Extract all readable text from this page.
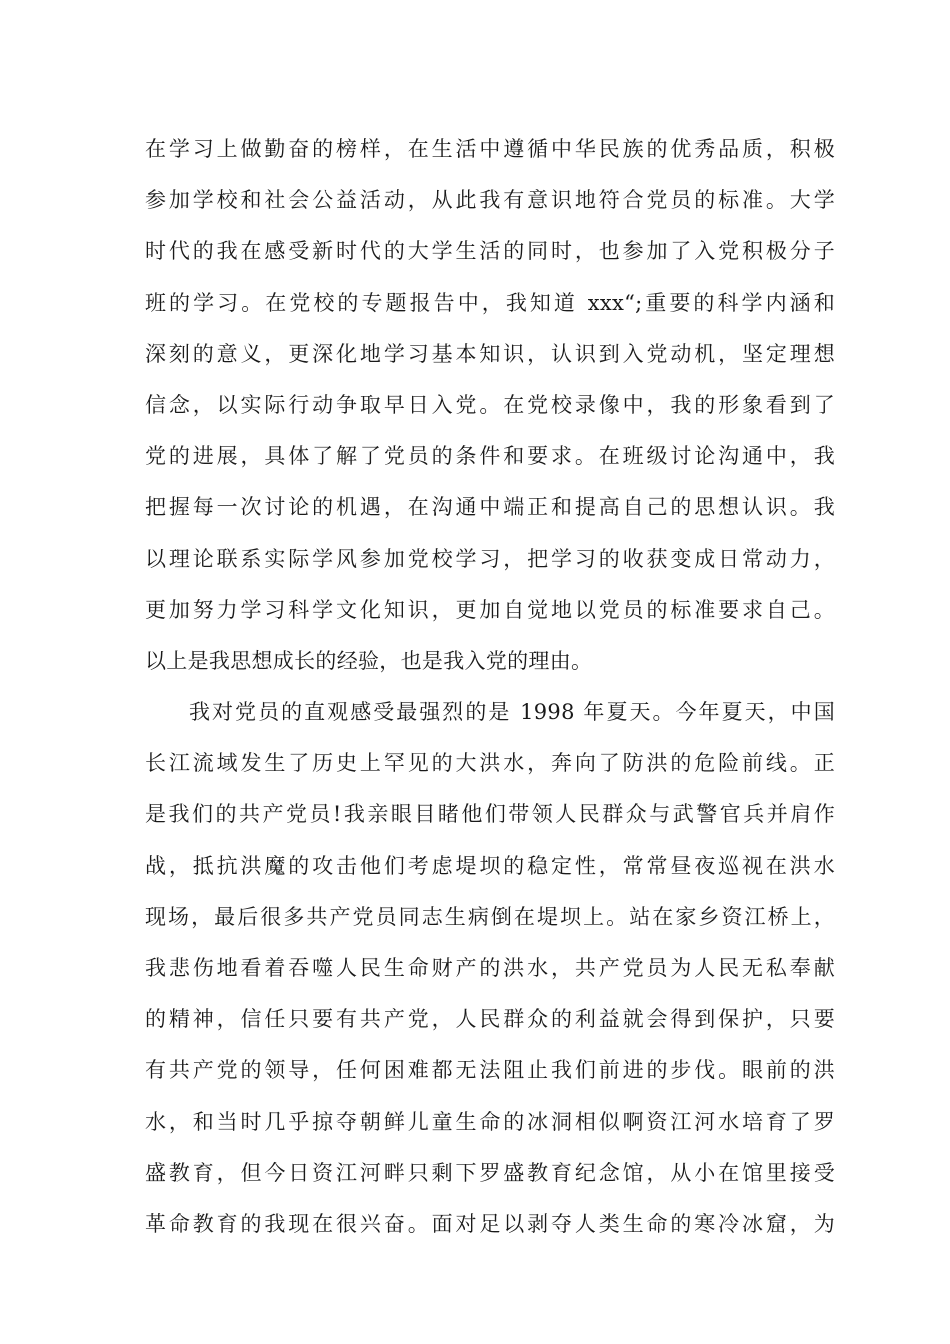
在学习上做勤奋的榜样，在生活中遵循中华民族的优秀品质，积极
参加学校和社会公益活动，从此我有意识地符合党员的标准。大学
时代的我在感受新时代的大学生活的同时，也参加了入党积极分子
班的学习。在党校的专题报告中，我知道 xxx“;重要的科学内涵和
深刻的意义，更深化地学习基本知识，认识到入党动机，坚定理想
信念，以实际行动争取早日入党。在党校录像中，我的形象看到了
党的进展，具体了解了党员的条件和要求。在班级讨论沟通中，我
把握每一次讨论的机遇，在沟通中端正和提高自己的思想认识。我
以理论联系实际学风参加党校学习，把学习的收获变成日常动力，
更加努力学习科学文化知识，更加自觉地以党员的标准要求自己。
以上是我思想成长的经验，也是我入党的理由。
我对党员的直观感受最强烈的是 1998 年夏天。今年夏天，中国
长江流域发生了历史上罕见的大洪水，奔向了防洪的危险前线。正
是我们的共产党员!我亲眼目睹他们带领人民群众与武警官兵并肩作
战，抵抗洪魔的攻击他们考虑堤坝的稳定性，常常昼夜巡视在洪水
现场，最后很多共产党员同志生病倒在堤坝上。站在家乡资江桥上，
我悲伤地看着吞噬人民生命财产的洪水，共产党员为人民无私奉献
的精神，信任只要有共产党，人民群众的利益就会得到保护，只要
有共产党的领导，任何困难都无法阻止我们前进的步伐。眼前的洪
水，和当时几乎掠夺朝鲜儿童生命的冰洞相似啊资江河水培育了罗
盛教育，但今日资江河畔只剩下罗盛教育纪念馆，从小在馆里接受
革命教育的我现在很兴奋。面对足以剥夺人类生命的寒冷冰窟，为
